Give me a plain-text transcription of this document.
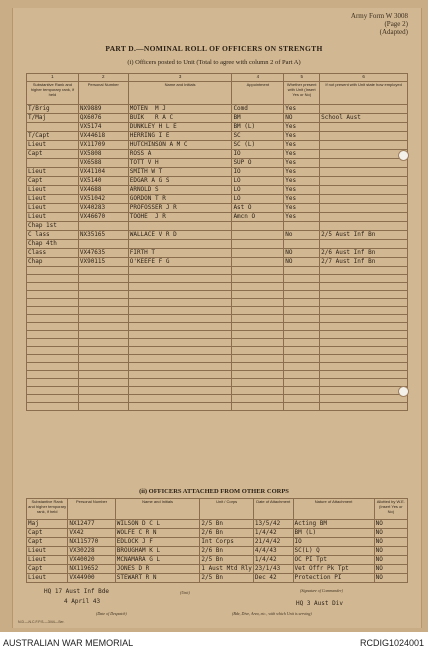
Army Form W 3008
(Page 2)
(Adapted)
PART D.—NOMINAL ROLL OF OFFICERS ON STRENGTH
(i) Officers posted to Unit (Total to agree with column 2 of Part A)
1	2	3	4	5	6
Substantive Rank and higher temporary rank, if held	Personal Number	Name and Initials	Appointment	Whether present with Unit (Insert Yes or No)	If not present with Unit state how employed
T/Brig	NX9889	MOTEN  M J	Comd	Yes	
T/Maj	QX6076	BUIK   R A C	BM	NO	School Aust
	VX5174	DUNKLEY H L E	BM (L)	Yes	
T/Capt	VX44618	HERRING I E	SC	Yes	
Lieut	VX11709	HUTCHINSON A M C	SC (L)	Yes	
Capt	VX5808	ROSS A	IO	Yes	
	VX6588	TOTT V H	SUP O	Yes	
Lieut	VX41104	SMITH W T	IO	Yes	
Capt	VX5140	EDGAR A G S	LO	Yes	
Lieut	VX4688	ARNOLD S	LO	Yes	
Lieut	VX51042	GORDON T R	LO	Yes	
Lieut	VX40283	PROFOSSER J R	Ast O	Yes	
Lieut	VX46670	TOOHE  J R	Amcn O	Yes	
Chap 1st					
C lass	NX35165	WALLACE V R D		No	2/5 Aust Inf Bn
Chap 4th					
Class	VX47635	FIRTH T		NO	2/6 Aust Inf Bn
Chap	VX90115	O'KEEFE F G		NO	2/7 Aust Inf Bn

(ii) OFFICERS ATTACHED FROM OTHER CORPS
Substantive Rank and higher temporary rank, if held	Personal Number	Name and Initials	Unit / Corps	Date of Attachment	Nature of Attachment	Allotted by W.E. (Insert Yes or No)
Maj	NX12477	WILSON D C L	2/5 Bn	13/5/42	Acting BM	NO
Capt	VX42	WOLFE C R N	2/6 Bn	1/4/42	BM (L)	NO
Capt	NX115770	EDLOCK J F	Int Corps	21/4/42	IO	NO
Lieut	VX30228	BROUGHAM K L	2/6 Bn	4/4/43	SC(L) Q	NO
Lieut	VX40020	MCNAMARA G L	2/5 Bn	1/4/42	OC PI Tpt	NO
Capt	NX119652	JONES D R	1 Aust Mtd Rly	23/1/43	Vet Offr Pk Tpt	NO
Lieut	VX44900	STEWART R N	2/5 Bn	Dec 42	Protection PI	NO
HQ 17 Aust Inf Bde	(Unit)
4 April 43
(Date of Despatch)
(Signature of Commander)
HQ 3 Aust Div
(Bde, Dive, Area, etc., with which Unit is serving)
N.D.—N.C.F.P.S.—3/44—Ser.
AUSTRALIAN WAR MEMORIAL	RCDIG1024001
